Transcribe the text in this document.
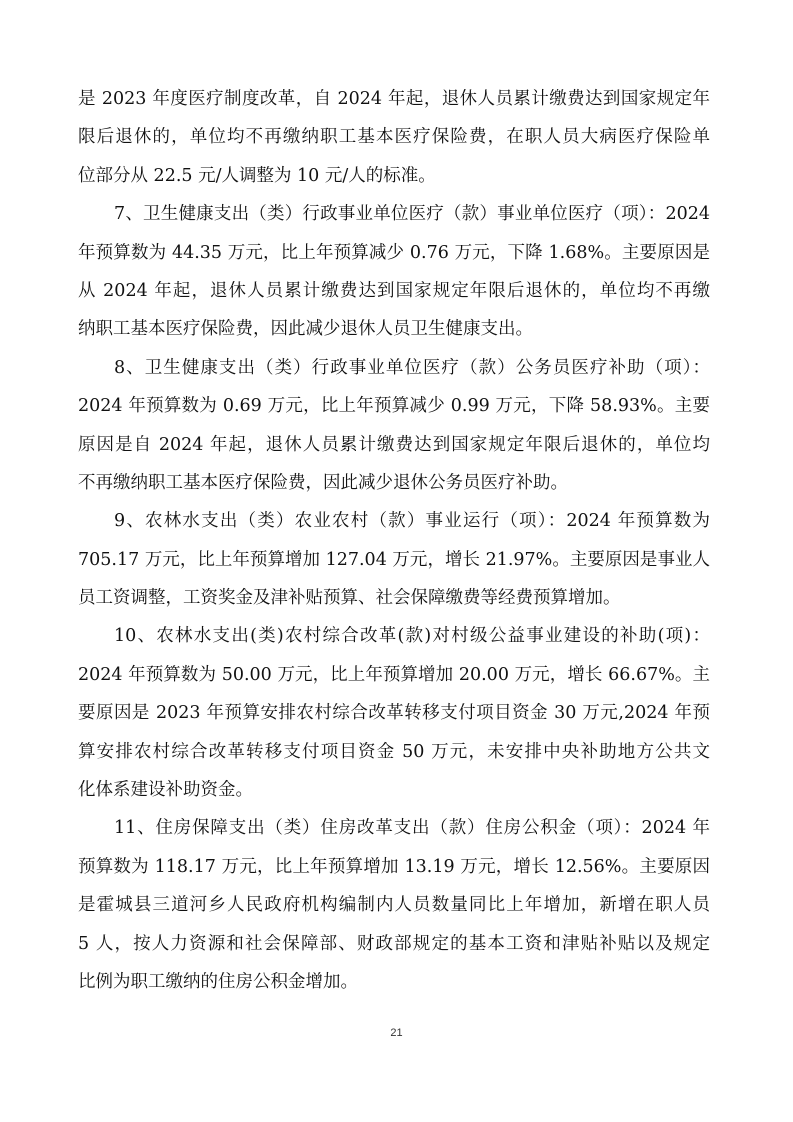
是 2023 年度医疗制度改革，自 2024 年起，退休人员累计缴费达到国家规定年
限后退休的，单位均不再缴纳职工基本医疗保险费，在职人员大病医疗保险单
位部分从 22.5 元/人调整为 10 元/人的标准。
7、卫生健康支出（类）行政事业单位医疗（款）事业单位医疗（项）：2024
年预算数为 44.35 万元，比上年预算减少 0.76 万元，下降 1.68%。主要原因是
从 2024 年起，退休人员累计缴费达到国家规定年限后退休的，单位均不再缴
纳职工基本医疗保险费，因此减少退休人员卫生健康支出。
8、卫生健康支出（类）行政事业单位医疗（款）公务员医疗补助（项）：
2024 年预算数为 0.69 万元，比上年预算减少 0.99 万元，下降 58.93%。主要
原因是自 2024 年起，退休人员累计缴费达到国家规定年限后退休的，单位均
不再缴纳职工基本医疗保险费，因此减少退休公务员医疗补助。
9、农林水支出（类）农业农村（款）事业运行（项）：2024 年预算数为
705.17 万元，比上年预算增加 127.04 万元，增长 21.97%。主要原因是事业人
员工资调整，工资奖金及津补贴预算、社会保障缴费等经费预算增加。
10、农林水支出(类)农村综合改革(款)对村级公益事业建设的补助(项)：
2024 年预算数为 50.00 万元，比上年预算增加 20.00 万元，增长 66.67%。主
要原因是 2023 年预算安排农村综合改革转移支付项目资金 30 万元,2024 年预
算安排农村综合改革转移支付项目资金 50 万元，未安排中央补助地方公共文
化体系建设补助资金。
11、住房保障支出（类）住房改革支出（款）住房公积金（项）：2024 年
预算数为 118.17 万元，比上年预算增加 13.19 万元，增长 12.56%。主要原因
是霍城县三道河乡人民政府机构编制内人员数量同比上年增加，新增在职人员
5 人，按人力资源和社会保障部、财政部规定的基本工资和津贴补贴以及规定
比例为职工缴纳的住房公积金增加。
21
